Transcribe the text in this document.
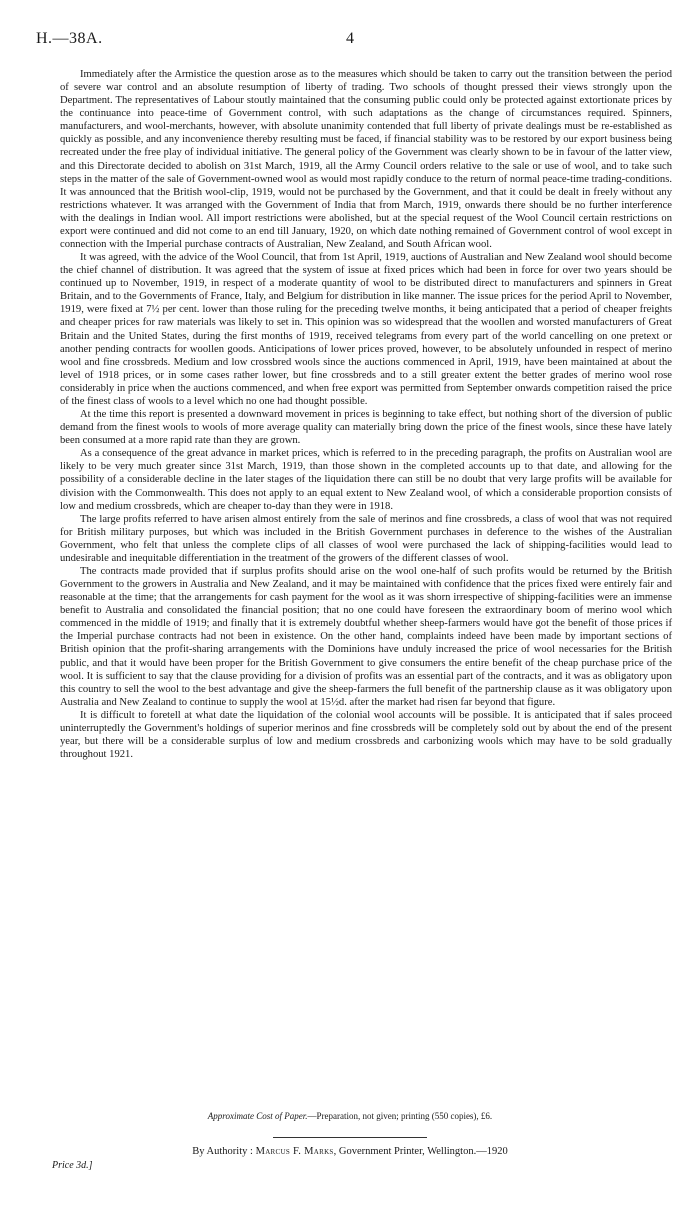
H.—38A.	4

Immediately after the Armistice the question arose as to the measures which should be taken to carry out the transition between the period of severe war control and an absolute resumption of liberty of trading. Two schools of thought pressed their views strongly upon the Department. The representatives of Labour stoutly maintained that the consuming public could only be protected against extortionate prices by the continuance into peace-time of Government control, with such adaptations as the change of circumstances required. Spinners, manufacturers, and wool-merchants, however, with absolute unanimity contended that full liberty of private dealings must be re-established as quickly as possible, and any inconvenience thereby resulting must be faced, if financial stability was to be restored by our export business being recreated under the free play of individual initiative. The general policy of the Government was clearly shown to be in favour of the latter view, and this Directorate decided to abolish on 31st March, 1919, all the Army Council orders relative to the sale or use of wool, and to take such steps in the matter of the sale of Government-owned wool as would most rapidly conduce to the return of normal peace-time trading-conditions. It was announced that the British wool-clip, 1919, would not be purchased by the Government, and that it could be dealt in freely without any restrictions whatever. It was arranged with the Government of India that from March, 1919, onwards there should be no further interference with the dealings in Indian wool. All import restrictions were abolished, but at the special request of the Wool Council certain restrictions on export were continued and did not come to an end till January, 1920, on which date nothing remained of Government control of wool except in connection with the Imperial purchase contracts of Australian, New Zealand, and South African wool.

It was agreed, with the advice of the Wool Council, that from 1st April, 1919, auctions of Australian and New Zealand wool should become the chief channel of distribution. It was agreed that the system of issue at fixed prices which had been in force for over two years should be continued up to November, 1919, in respect of a moderate quantity of wool to be distributed direct to manufacturers and spinners in Great Britain, and to the Governments of France, Italy, and Belgium for distribution in like manner. The issue prices for the period April to November, 1919, were fixed at 7½ per cent. lower than those ruling for the preceding twelve months, it being anticipated that a period of cheaper freights and cheaper prices for raw materials was likely to set in. This opinion was so widespread that the woollen and worsted manufacturers of Great Britain and the United States, during the first months of 1919, received telegrams from every part of the world cancelling on one pretext or another pending contracts for woollen goods. Anticipations of lower prices proved, however, to be absolutely unfounded in respect of merino wool and fine crossbreds. Medium and low crossbred wools since the auctions commenced in April, 1919, have been maintained at about the level of 1918 prices, or in some cases rather lower, but fine crossbreds and to a still greater extent the better grades of merino wool rose considerably in price when the auctions commenced, and when free export was permitted from September onwards competition raised the price of the finest class of wools to a level which no one had thought possible.

At the time this report is presented a downward movement in prices is beginning to take effect, but nothing short of the diversion of public demand from the finest wools to wools of more average quality can materially bring down the price of the finest wools, since these have lately been consumed at a more rapid rate than they are grown.

As a consequence of the great advance in market prices, which is referred to in the preceding paragraph, the profits on Australian wool are likely to be very much greater since 31st March, 1919, than those shown in the completed accounts up to that date, and allowing for the possibility of a considerable decline in the later stages of the liquidation there can still be no doubt that very large profits will be available for division with the Commonwealth. This does not apply to an equal extent to New Zealand wool, of which a considerable proportion consists of low and medium crossbreds, which are cheaper to-day than they were in 1918.

The large profits referred to have arisen almost entirely from the sale of merinos and fine crossbreds, a class of wool that was not required for British military purposes, but which was included in the British Government purchases in deference to the wishes of the Australian Government, who felt that unless the complete clips of all classes of wool were purchased the lack of shipping-facilities would lead to undesirable and inequitable differentiation in the treatment of the growers of the different classes of wool.

The contracts made provided that if surplus profits should arise on the wool one-half of such profits would be returned by the British Government to the growers in Australia and New Zealand, and it may be maintained with confidence that the prices fixed were entirely fair and reasonable at the time; that the arrangements for cash payment for the wool as it was shorn irrespective of shipping-facilities were an immense benefit to Australia and consolidated the financial position; that no one could have foreseen the extraordinary boom of merino wool which commenced in the middle of 1919; and finally that it is extremely doubtful whether sheep-farmers would have got the benefit of those prices if the Imperial purchase contracts had not been in existence. On the other hand, complaints indeed have been made by important sections of British opinion that the profit-sharing arrangements with the Dominions have unduly increased the price of wool necessaries for the British public, and that it would have been proper for the British Government to give consumers the entire benefit of the cheap purchase price of the wool. It is sufficient to say that the clause providing for a division of profits was an essential part of the contracts, and it was as obligatory upon this country to sell the wool to the best advantage and give the sheep-farmers the full benefit of the partnership clause as it was obligatory upon Australia and New Zealand to continue to supply the wool at 15½d. after the market had risen far beyond that figure.

It is difficult to foretell at what date the liquidation of the colonial wool accounts will be possible. It is anticipated that if sales proceed uninterruptedly the Government's holdings of superior merinos and fine crossbreds will be completely sold out by about the end of the present year, but there will be a considerable surplus of low and medium crossbreds and carbonizing wools which may have to be sold gradually throughout 1921.

Approximate Cost of Paper.—Preparation, not given; printing (550 copies), £6.
By Authority : Marcus F. Marks, Government Printer, Wellington.—1920
Price 3d.]
